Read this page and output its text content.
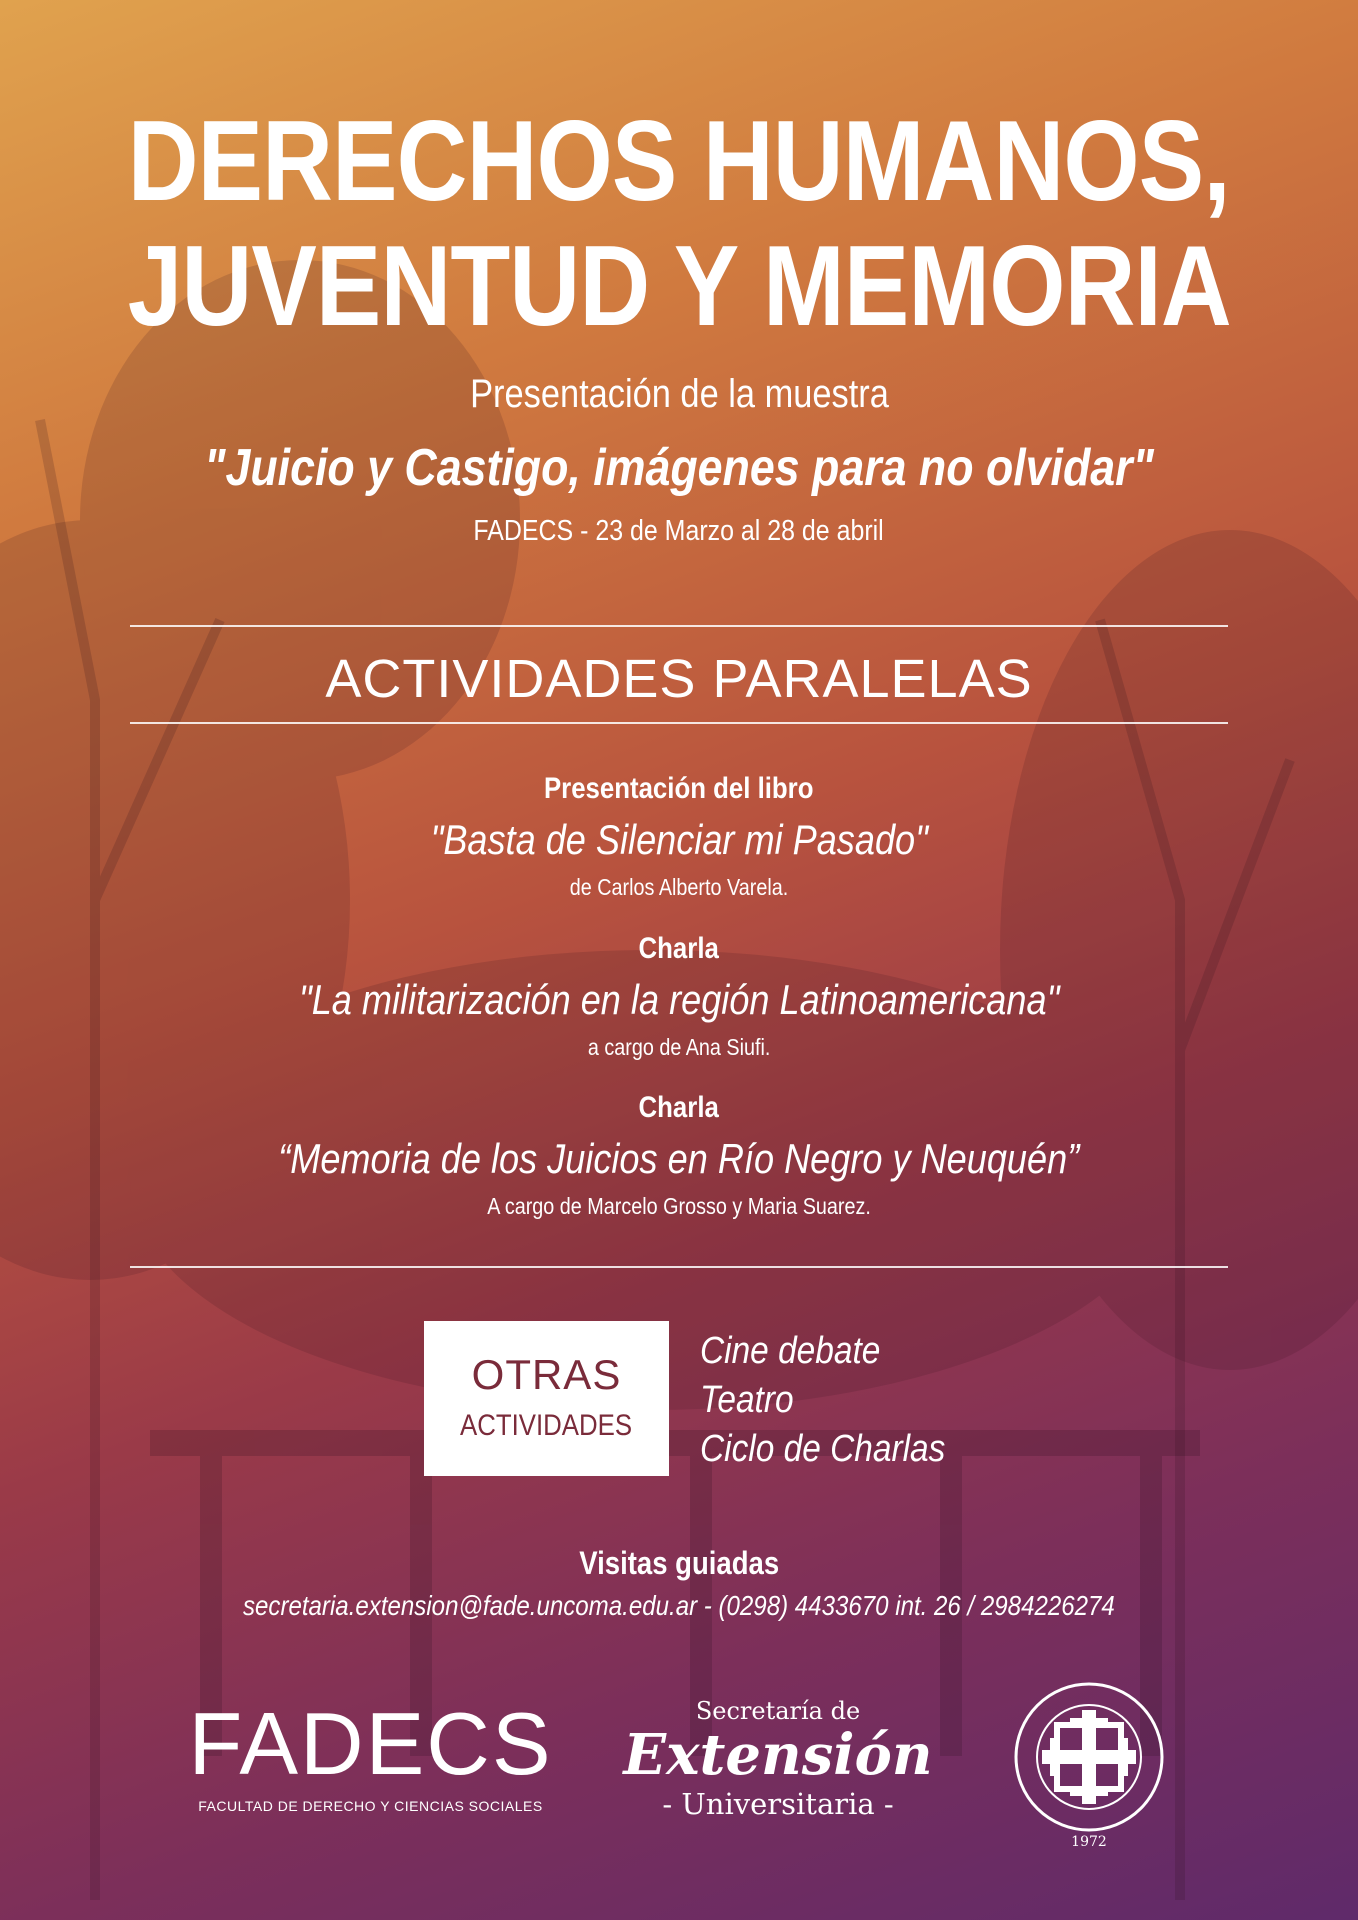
DERECHOS HUMANOS,
JUVENTUD Y MEMORIA
Presentación de la muestra
"Juicio y Castigo, imágenes para no olvidar"
FADECS - 23 de Marzo al 28 de abril
ACTIVIDADES PARALELAS
Presentación del libro
"Basta de Silenciar mi Pasado"
de Carlos Alberto Varela.
Charla
"La militarización en la región Latinoamericana"
a cargo de Ana Siufi.
Charla
“Memoria de los Juicios en Río Negro y Neuquén”
A cargo de Marcelo Grosso y Maria Suarez.
OTRAS
ACTIVIDADES
Cine debate
Teatro
Ciclo de Charlas
Visitas guiadas
secretaria.extension@fade.uncoma.edu.ar - (0298) 4433670 int. 26 / 2984226274
FADECS
FACULTAD DE DERECHO Y CIENCIAS SOCIALES
Secretaría de
Extensión
- Universitaria -
1972
